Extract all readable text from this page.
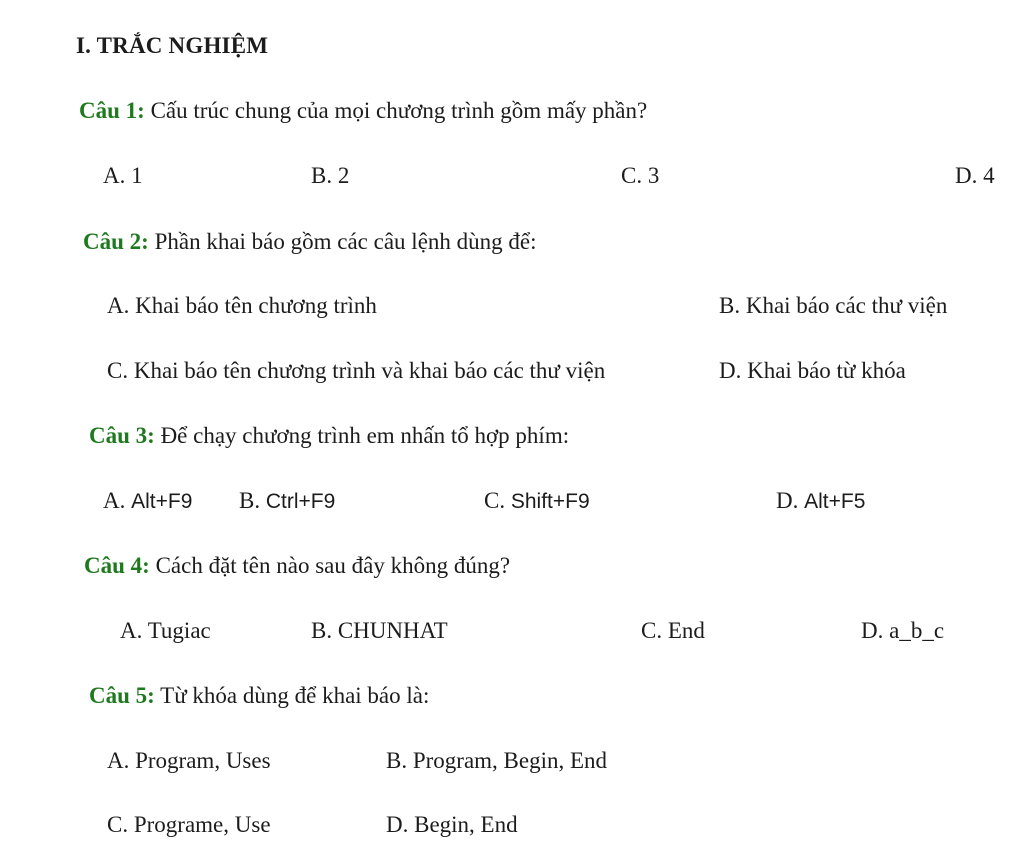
I. TRẮC NGHIỆM
Câu 1: Cấu trúc chung của mọi chương trình gồm mấy phần?
A. 1	B. 2	C. 3	D. 4
Câu 2: Phần khai báo gồm các câu lệnh dùng để:
A. Khai báo tên chương trình	B. Khai báo các thư viện
C. Khai báo tên chương trình và khai báo các thư viện	D. Khai báo từ khóa
Câu 3: Để chạy chương trình em nhấn tổ hợp phím:
A. Alt+F9 B. Ctrl+F9	C. Shift+F9	D. Alt+F5
Câu 4: Cách đặt tên nào sau đây không đúng?
A. Tugiac	B. CHUNHAT	C. End	D. a_b_c
Câu 5: Từ khóa dùng để khai báo là:
A. Program, Uses	B. Program, Begin, End
C. Programe, Use	D. Begin, End
